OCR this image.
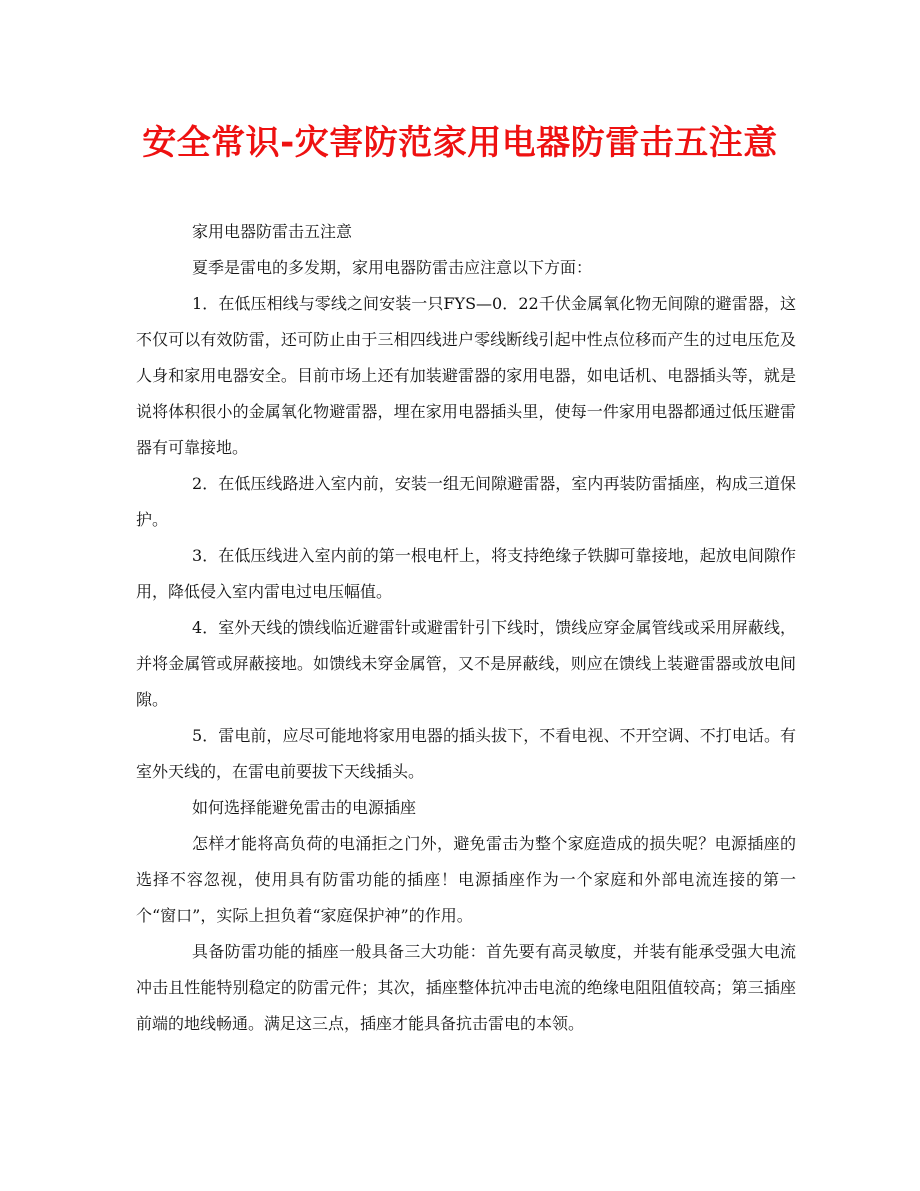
安全常识-灾害防范家用电器防雷击五注意

家用电器防雷击五注意

夏季是雷电的多发期，家用电器防雷击应注意以下方面：

1．在低压相线与零线之间安装一只FYS—0．22千伏金属氧化物无间隙的避雷器，这不仅可以有效防雷，还可防止由于三相四线进户零线断线引起中性点位移而产生的过电压危及人身和家用电器安全。目前市场上还有加装避雷器的家用电器，如电话机、电器插头等，就是说将体积很小的金属氧化物避雷器，埋在家用电器插头里，使每一件家用电器都通过低压避雷器有可靠接地。

2．在低压线路进入室内前，安装一组无间隙避雷器，室内再装防雷插座，构成三道保护。

3．在低压线进入室内前的第一根电杆上，将支持绝缘子铁脚可靠接地，起放电间隙作用，降低侵入室内雷电过电压幅值。

4．室外天线的馈线临近避雷针或避雷针引下线时，馈线应穿金属管线或采用屏蔽线，并将金属管或屏蔽接地。如馈线未穿金属管，又不是屏蔽线，则应在馈线上装避雷器或放电间隙。

5．雷电前，应尽可能地将家用电器的插头拔下，不看电视、不开空调、不打电话。有室外天线的，在雷电前要拔下天线插头。

如何选择能避免雷击的电源插座

怎样才能将高负荷的电涌拒之门外，避免雷击为整个家庭造成的损失呢？电源插座的选择不容忽视，使用具有防雷功能的插座！电源插座作为一个家庭和外部电流连接的第一个“窗口”，实际上担负着“家庭保护神”的作用。

具备防雷功能的插座一般具备三大功能：首先要有高灵敏度，并装有能承受强大电流冲击且性能特别稳定的防雷元件；其次，插座整体抗冲击电流的绝缘电阻阻值较高；第三插座前端的地线畅通。满足这三点，插座才能具备抗击雷电的本领。
